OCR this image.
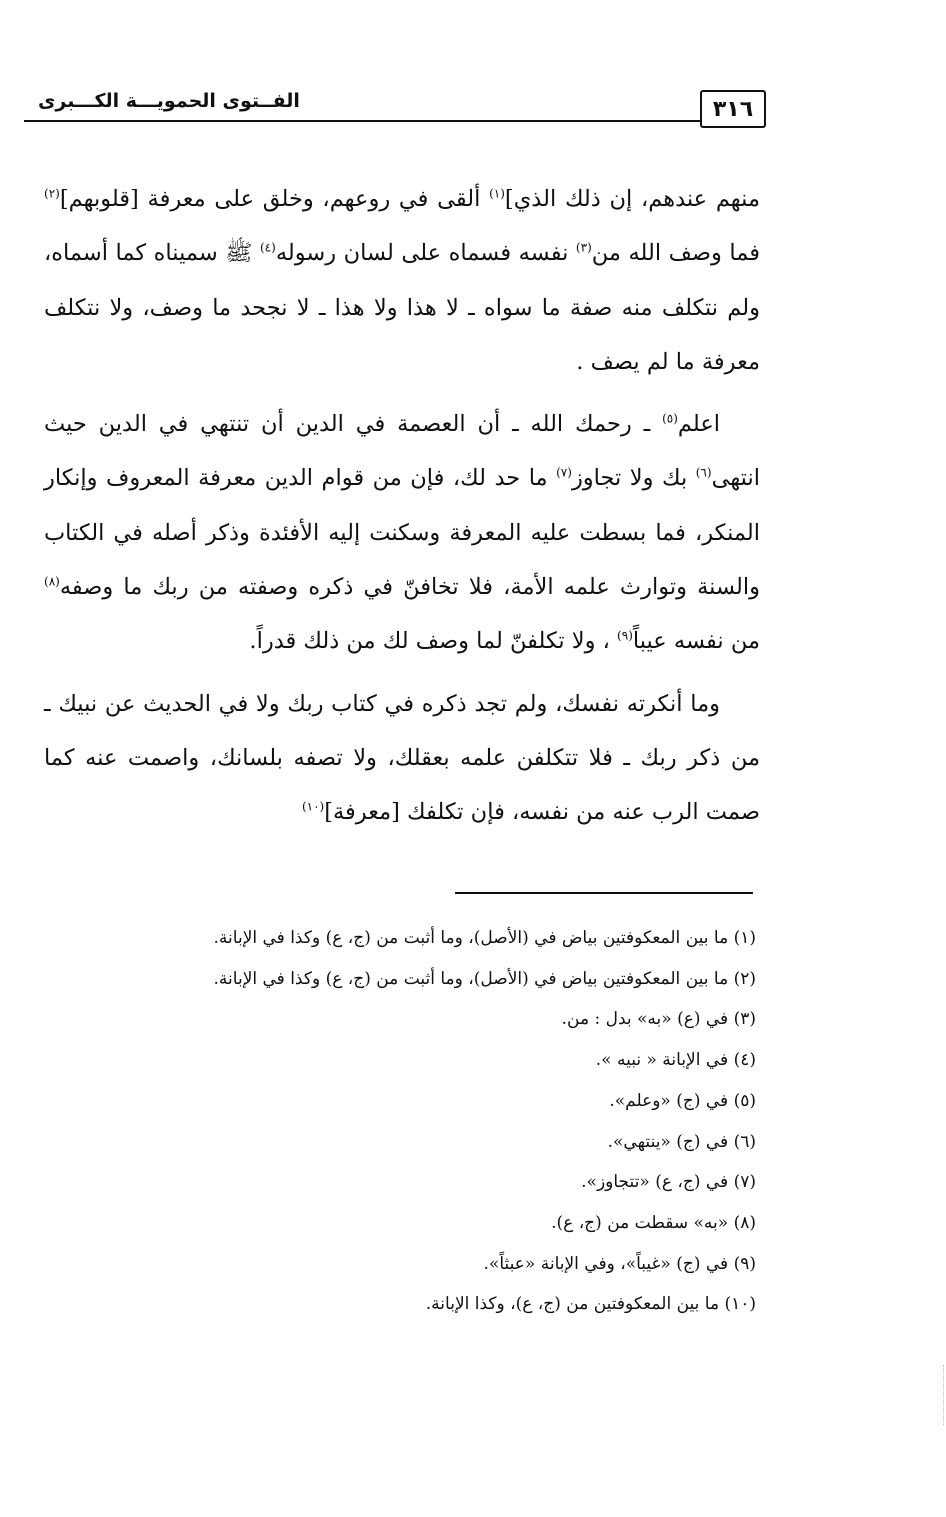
٣١٦
الفــتوى الحمويـــة الكـــبرى

منهم عندهم، إن ذلك الذي]$^{(١)}$ ألقى في روعهم، وخلق على معرفة [قلوبهم]$^{(٢)}$ فما وصف الله من$^{(٣)}$ نفسه فسماه على لسان رسوله$^{(٤)}$ ﷺ سميناه كما أسماه، ولم نتكلف منه صفة ما سواه ـ لا هذا ولا هذا ـ لا نجحد ما وصف، ولا نتكلف معرفة ما لم يصف .

اعلم$^{(٥)}$ ـ رحمك الله ـ أن العصمة في الدين أن تنتهي في الدين حيث انتهى$^{(٦)}$ بك ولا تجاوز$^{(٧)}$ ما حد لك، فإن من قوام الدين معرفة المعروف وإنكار المنكر، فما بسطت عليه المعرفة وسكنت إليه الأفئدة وذكر أصله في الكتاب والسنة وتوارث علمه الأمة، فلا تخافنّ في ذكره وصفته من ربك ما وصفه$^{(٨)}$ من نفسه عيباً$^{(٩)}$ ، ولا تكلفنّ لما وصف لك من ذلك قدراً.

وما أنكرته نفسك، ولم تجد ذكره في كتاب ربك ولا في الحديث عن نبيك ـ من ذكر ربك ـ فلا تتكلفن علمه بعقلك، ولا تصفه بلسانك، واصمت عنه كما صمت الرب عنه من نفسه، فإن تكلفك [معرفة]$^{(١٠)}$

(١) ما بين المعكوفتين بياض في (الأصل)، وما أثبت من (ج، ع) وكذا في الإبانة.
(٢) ما بين المعكوفتين بياض في (الأصل)، وما أثبت من (ج، ع) وكذا في الإبانة.
(٣) في (ع) «به» بدل : من.
(٤) في الإبانة « نبيه ».
(٥) في (ج) «وعلم».
(٦) في (ج) «ينتهي».
(٧) في (ج، ع) «تتجاوز».
(٨) «به» سقطت من (ج، ع).
(٩) في (ج) «غيباً»، وفي الإبانة «عبثاً».
(١٠) ما بين المعكوفتين من (ج، ع)، وكذا الإبانة.
